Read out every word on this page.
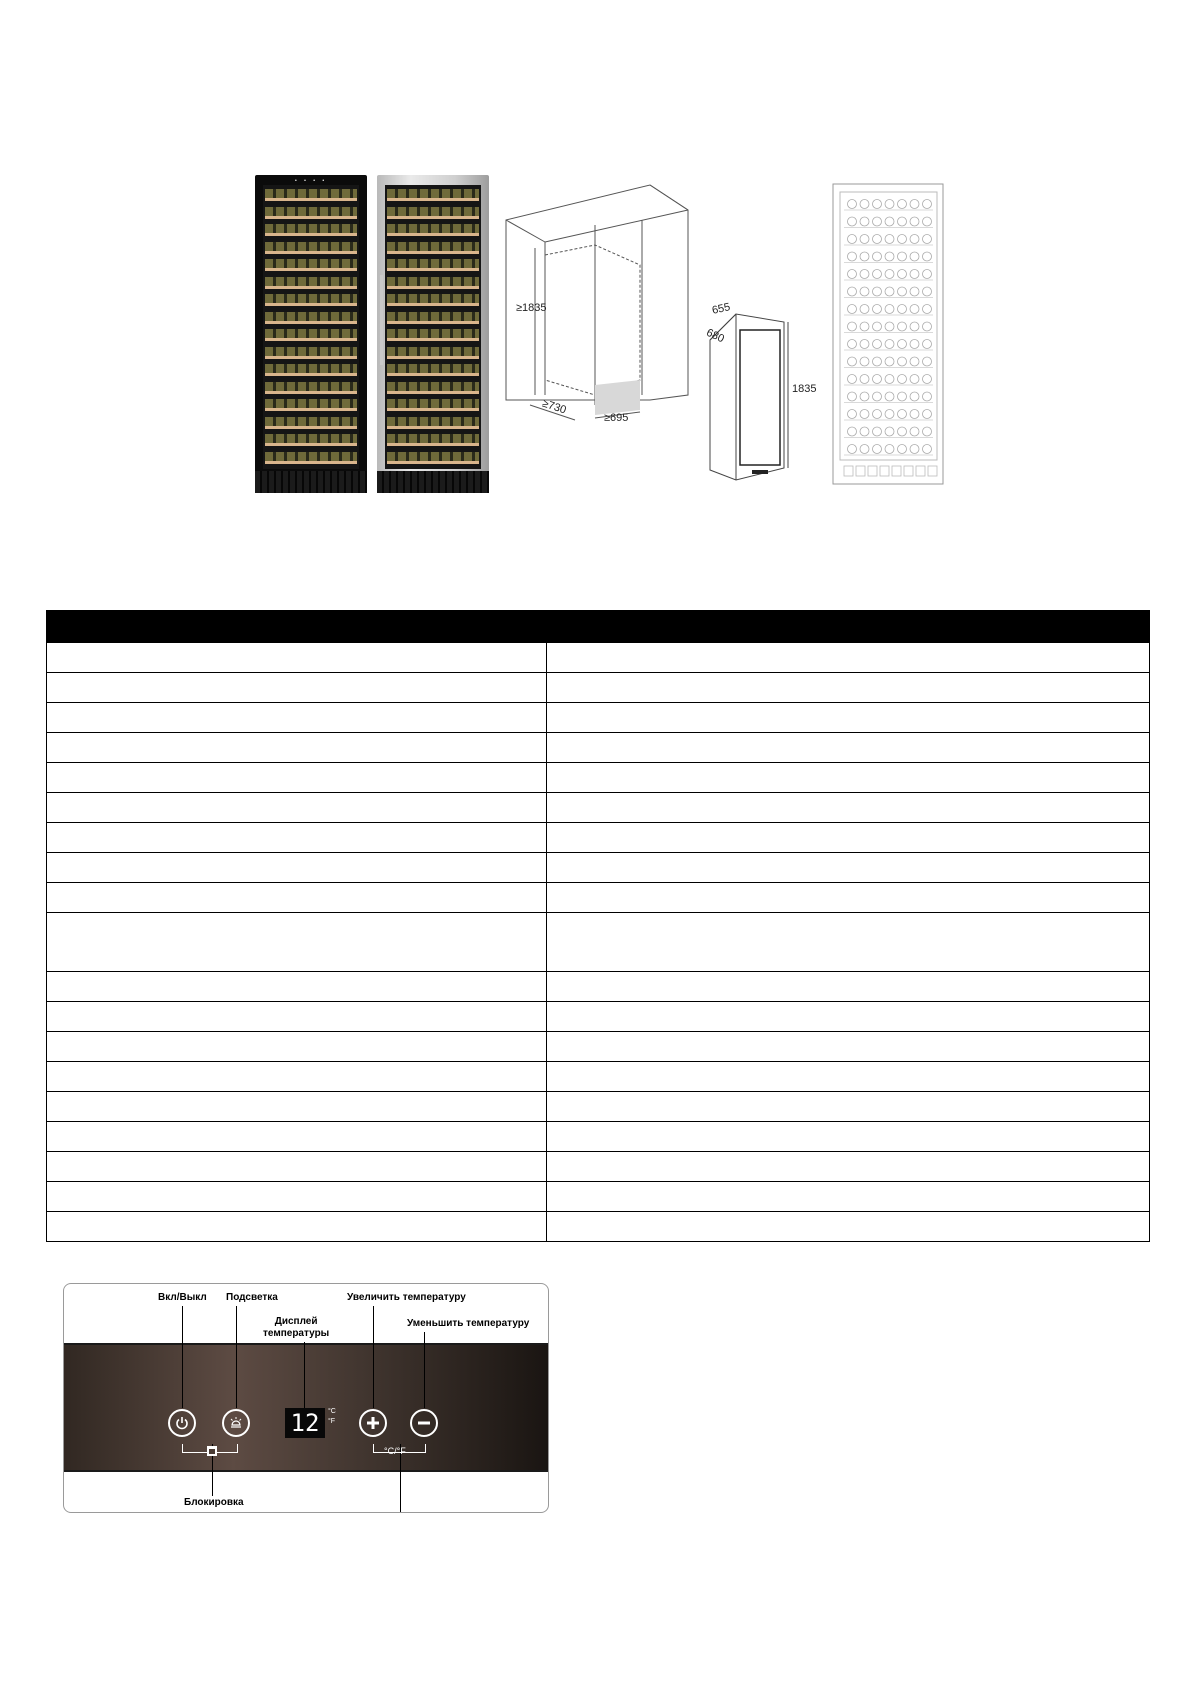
• • • •
≥1835
≥730
≥695
655
680
1835

Вкл/Выкл Подсветка	Увеличить температуру
Дисплей
температуры
Уменьшить температуру
Блокировка
12	°C
°F
°C/°F
